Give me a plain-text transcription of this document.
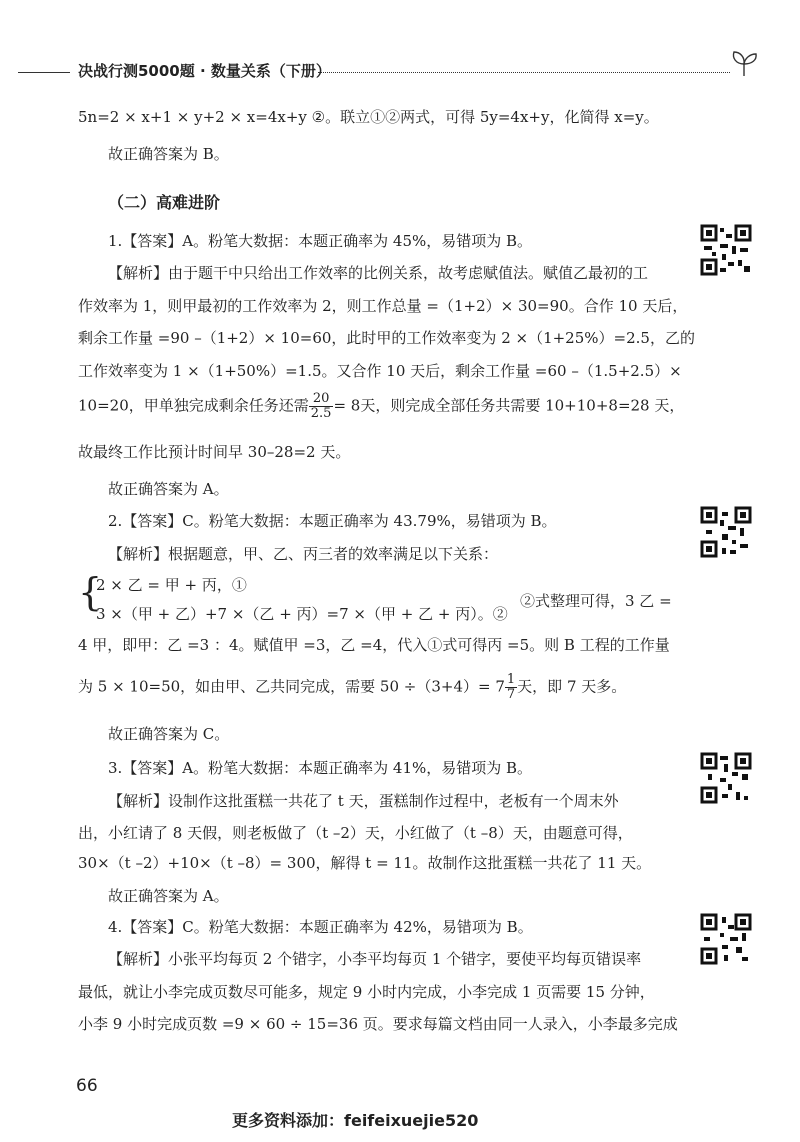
决战行测5000题 · 数量关系（下册）
5n=2 × x+1 × y+2 × x=4x+y ②。联立①②两式，可得 5y=4x+y，化简得 x=y。
故正确答案为 B。
（二）高难进阶
1.【答案】A。粉笔大数据：本题正确率为 45%，易错项为 B。
【解析】由于题干中只给出工作效率的比例关系，故考虑赋值法。赋值乙最初的工
作效率为 1，则甲最初的工作效率为 2，则工作总量 =（1+2）× 30=90。合作 10 天后，
剩余工作量 =90 –（1+2）× 10=60，此时甲的工作效率变为 2 ×（1+25%）=2.5，乙的
工作效率变为 1 ×（1+50%）=1.5。又合作 10 天后，剩余工作量 =60 –（1.5+2.5）×
10=20，甲单独完成剩余任务还需 $\frac{20}{2.5} = 8$天，则完成全部任务共需要 10+10+8=28 天，
故最终工作比预计时间早 30–28=2 天。
故正确答案为 A。
2.【答案】C。粉笔大数据：本题正确率为 43.79%，易错项为 B。
【解析】根据题意，甲、乙、丙三者的效率满足以下关系：
{
2 × 乙 = 甲 + 丙，①
3 ×（甲 + 乙）+7 ×（乙 + 丙）=7 ×（甲 + 乙 + 丙）。②
②式整理可得，3 乙 =
4 甲，即甲：乙 =3 ：4。赋值甲 =3，乙 =4，代入①式可得丙 =5。则 B 工程的工作量
为 5 × 10=50，如由甲、乙共同完成，需要 $50 \div(3+4)= 7 \frac{1}{7}$ 天，即 7 天多。
故正确答案为 C。
3.【答案】A。粉笔大数据：本题正确率为 41%，易错项为 B。
【解析】设制作这批蛋糕一共花了 t 天，蛋糕制作过程中，老板有一个周末外
出，小红请了 8 天假，则老板做了（t –2）天，小红做了（t –8）天，由题意可得，
30×（t –2）+10×（t –8）= 300，解得 t = 11。故制作这批蛋糕一共花了 11 天。
故正确答案为 A。
4.【答案】C。粉笔大数据：本题正确率为 42%，易错项为 B。
【解析】小张平均每页 2 个错字，小李平均每页 1 个错字，要使平均每页错误率
最低，就让小李完成页数尽可能多，规定 9 小时内完成，小李完成 1 页需要 15 分钟，
小李 9 小时完成页数 =9 × 60 ÷ 15=36 页。要求每篇文档由同一人录入，小李最多完成
66
更多资料添加：feifeixuejie520
